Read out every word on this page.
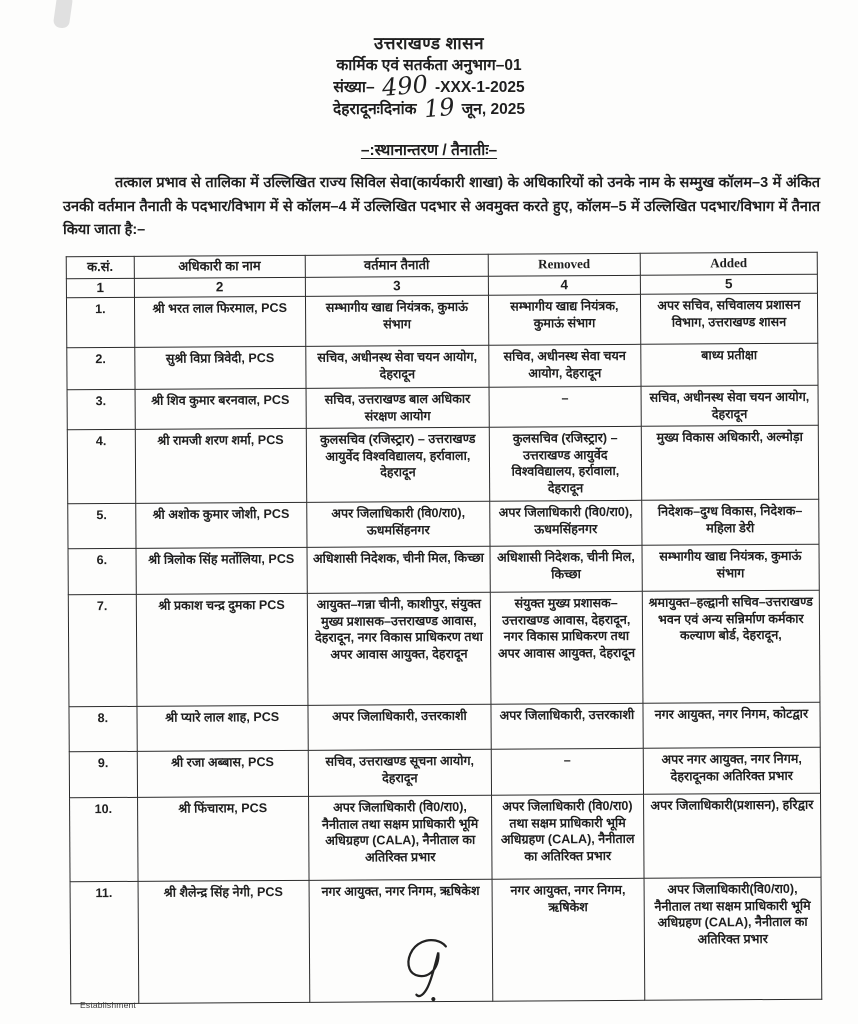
उत्तराखण्ड शासन
कार्मिक एवं सतर्कता अनुभाग–01
संख्या– 490 -XXX-1-2025
देहरादूनःदिनांक 19 जून, 2025
–:स्थानान्तरण / तैनातीः–

तत्काल प्रभाव से तालिका में उल्लिखित राज्य सिविल सेवा(कार्यकारी शाखा) के अधिकारियों को उनके नाम के सम्मुख कॉलम–3 में अंकित उनकी वर्तमान तैनाती के पदभार/विभाग में से कॉलम–4 में उल्लिखित पदभार से अवमुक्त करते हुए, कॉलम–5 में उल्लिखित पदभार/विभाग में तैनात किया जाता है:–

क.सं.	अधिकारी का नाम	वर्तमान तैनाती	Removed	Added
1	2	3	4	5
1.	श्री भरत लाल फिरमाल, PCS	सम्भागीय खाद्य नियंत्रक, कुमाऊं संभाग	सम्भागीय खाद्य नियंत्रक, कुमाऊं संभाग	अपर सचिव, सचिवालय प्रशासन विभाग, उत्तराखण्ड शासन
2.	सुश्री विप्रा त्रिवेदी, PCS	सचिव, अधीनस्थ सेवा चयन आयोग, देहरादून	सचिव, अधीनस्थ सेवा चयन आयोग, देहरादून	बाध्य प्रतीक्षा
3.	श्री शिव कुमार बरनवाल, PCS	सचिव, उत्तराखण्ड बाल अधिकार संरक्षण आयोग	–	सचिव, अधीनस्थ सेवा चयन आयोग, देहरादून
4.	श्री रामजी शरण शर्मा, PCS	कुलसचिव (रजिस्ट्रार) – उत्तराखण्ड आयुर्वेद विश्वविद्यालय, हर्रावाला, देहरादून	कुलसचिव (रजिस्ट्रार) – उत्तराखण्ड आयुर्वेद विश्वविद्यालय, हर्रावाला, देहरादून	मुख्य विकास अधिकारी, अल्मोड़ा
5.	श्री अशोक कुमार जोशी, PCS	अपर जिलाधिकारी (वि0/रा0), ऊधमसिंहनगर	अपर जिलाधिकारी (वि0/रा0), ऊधमसिंहनगर	निदेशक–दुग्ध विकास, निदेशक–महिला डेरी
6.	श्री त्रिलोक सिंह मर्तोलिया, PCS	अधिशासी निदेशक, चीनी मिल, किच्छा	अधिशासी निदेशक, चीनी मिल, किच्छा	सम्भागीय खाद्य नियंत्रक, कुमाऊं संभाग
7.	श्री प्रकाश चन्द्र दुमका PCS	आयुक्त–गन्ना चीनी, काशीपुर, संयुक्त मुख्य प्रशासक–उत्तराखण्ड आवास, देहरादून, नगर विकास प्राधिकरण तथा अपर आवास आयुक्त, देहरादून	संयुक्त मुख्य प्रशासक–उत्तराखण्ड आवास, देहरादून, नगर विकास प्राधिकरण तथा अपर आवास आयुक्त, देहरादून	श्रमायुक्त–हल्द्वानी सचिव–उत्तराखण्ड भवन एवं अन्य सन्निर्माण कर्मकार कल्याण बोर्ड, देहरादून,
8.	श्री प्यारे लाल शाह, PCS	अपर जिलाधिकारी, उत्तरकाशी	अपर जिलाधिकारी, उत्तरकाशी	नगर आयुक्त, नगर निगम, कोटद्वार
9.	श्री रजा अब्बास, PCS	सचिव, उत्तराखण्ड सूचना आयोग, देहरादून	–	अपर नगर आयुक्त, नगर निगम, देहरादूनका अतिरिक्त प्रभार
10.	श्री फिंचाराम, PCS	अपर जिलाधिकारी (वि0/रा0), नैनीताल तथा सक्षम प्राधिकारी भूमि अधिग्रहण (CALA), नैनीताल का अतिरिक्त प्रभार	अपर जिलाधिकारी (वि0/रा0) तथा सक्षम प्राधिकारी भूमि अधिग्रहण (CALA), नैनीताल का अतिरिक्त प्रभार	अपर जिलाधिकारी(प्रशासन), हरिद्वार
11.	श्री शैलेन्द्र सिंह नेगी, PCS	नगर आयुक्त, नगर निगम, ऋषिकेश	नगर आयुक्त, नगर निगम, ऋषिकेश	अपर जिलाधिकारी(वि0/रा0), नैनीताल तथा सक्षम प्राधिकारी भूमि अधिग्रहण (CALA), नैनीताल का अतिरिक्त प्रभार
Establishment
